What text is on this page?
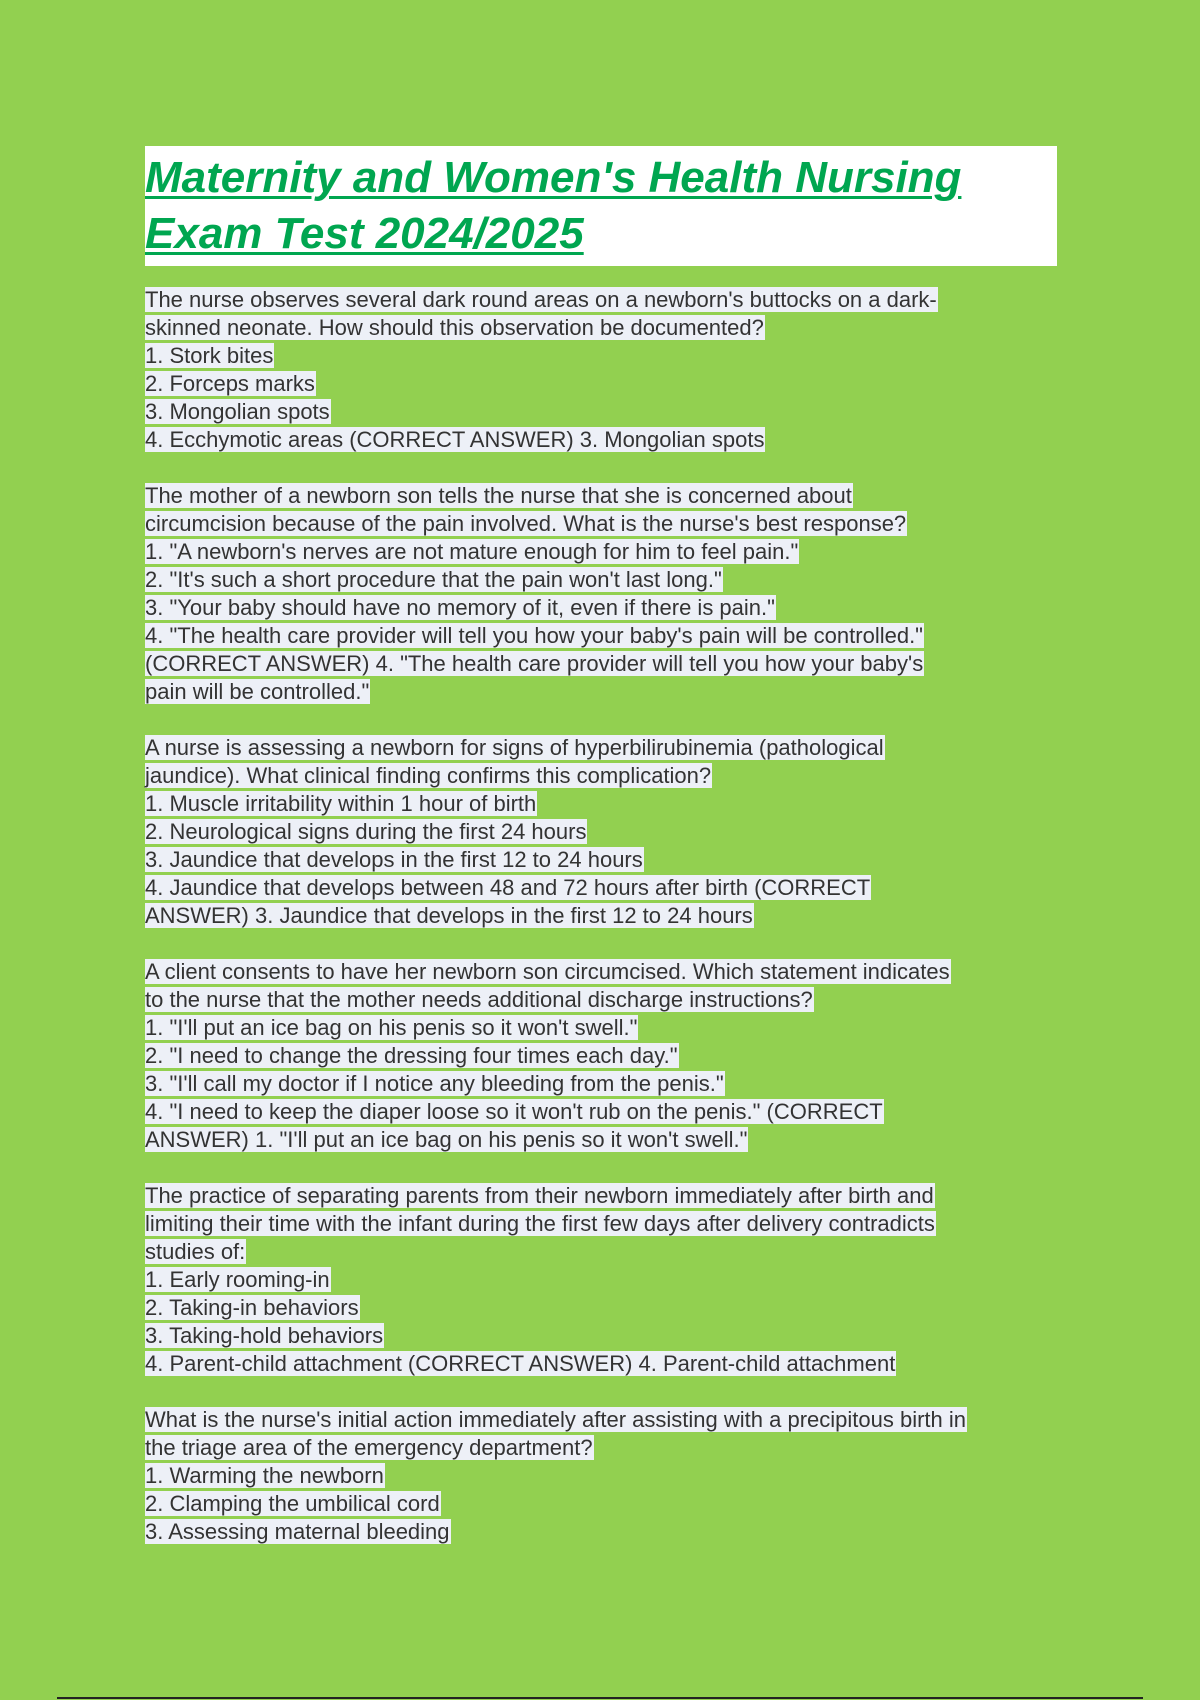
Maternity and Women's Health Nursing
Exam Test 2024/2025
The nurse observes several dark round areas on a newborn's buttocks on a dark-
skinned neonate. How should this observation be documented?
1. Stork bites
2. Forceps marks
3. Mongolian spots
4. Ecchymotic areas (CORRECT ANSWER) 3. Mongolian spots
The mother of a newborn son tells the nurse that she is concerned about
circumcision because of the pain involved. What is the nurse's best response?
1. "A newborn's nerves are not mature enough for him to feel pain."
2. "It's such a short procedure that the pain won't last long."
3. "Your baby should have no memory of it, even if there is pain."
4. "The health care provider will tell you how your baby's pain will be controlled."
(CORRECT ANSWER) 4. "The health care provider will tell you how your baby's
pain will be controlled."
A nurse is assessing a newborn for signs of hyperbilirubinemia (pathological
jaundice). What clinical finding confirms this complication?
1. Muscle irritability within 1 hour of birth
2. Neurological signs during the first 24 hours
3. Jaundice that develops in the first 12 to 24 hours
4. Jaundice that develops between 48 and 72 hours after birth (CORRECT
ANSWER) 3. Jaundice that develops in the first 12 to 24 hours
A client consents to have her newborn son circumcised. Which statement indicates
to the nurse that the mother needs additional discharge instructions?
1. "I'll put an ice bag on his penis so it won't swell."
2. "I need to change the dressing four times each day."
3. "I'll call my doctor if I notice any bleeding from the penis."
4. "I need to keep the diaper loose so it won't rub on the penis." (CORRECT
ANSWER) 1. "I'll put an ice bag on his penis so it won't swell."
The practice of separating parents from their newborn immediately after birth and
limiting their time with the infant during the first few days after delivery contradicts
studies of:
1. Early rooming-in
2. Taking-in behaviors
3. Taking-hold behaviors
4. Parent-child attachment (CORRECT ANSWER) 4. Parent-child attachment
What is the nurse's initial action immediately after assisting with a precipitous birth in
the triage area of the emergency department?
1. Warming the newborn
2. Clamping the umbilical cord
3. Assessing maternal bleeding
